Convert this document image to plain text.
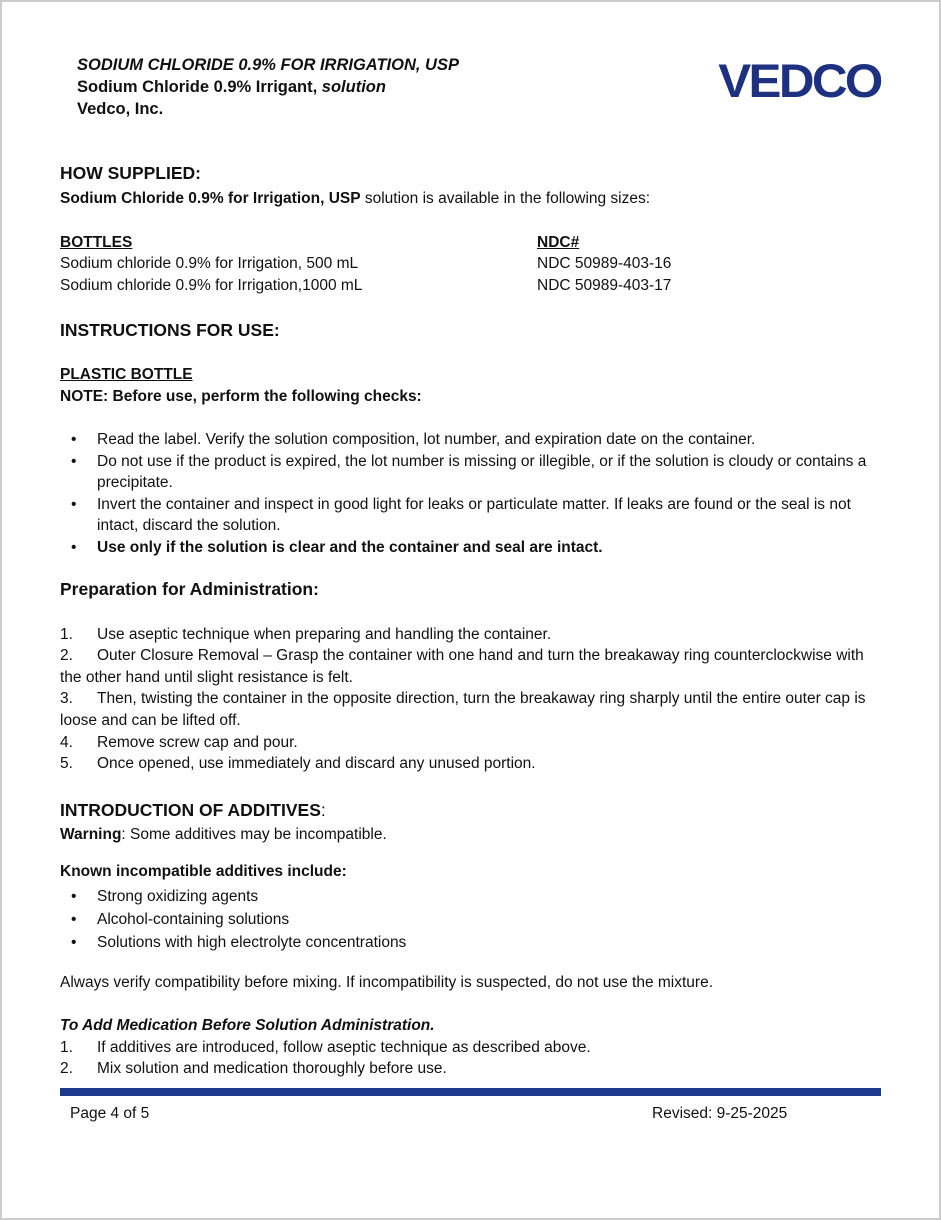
SODIUM CHLORIDE 0.9% FOR IRRIGATION, USP
Sodium Chloride 0.9% Irrigant, solution
Vedco, Inc.
VEDCO
HOW SUPPLIED:
Sodium Chloride 0.9% for Irrigation, USP solution is available in the following sizes:
BOTTLES	NDC#
Sodium chloride 0.9% for Irrigation, 500 mL	NDC 50989-403-16
Sodium chloride 0.9% for Irrigation,1000 mL	NDC 50989-403-17
INSTRUCTIONS FOR USE:
PLASTIC BOTTLE
NOTE: Before use, perform the following checks:
•	Read the label. Verify the solution composition, lot number, and expiration date on the container.
•	Do not use if the product is expired, the lot number is missing or illegible, or if the solution is cloudy or contains a precipitate.
•	Invert the container and inspect in good light for leaks or particulate matter. If leaks are found or the seal is not intact, discard the solution.
•	Use only if the solution is clear and the container and seal are intact.
Preparation for Administration:
1. Use aseptic technique when preparing and handling the container.
2. Outer Closure Removal – Grasp the container with one hand and turn the breakaway ring counterclockwise with the other hand until slight resistance is felt.
3. Then, twisting the container in the opposite direction, turn the breakaway ring sharply until the entire outer cap is loose and can be lifted off.
4. Remove screw cap and pour.
5. Once opened, use immediately and discard any unused portion.
INTRODUCTION OF ADDITIVES:
Warning: Some additives may be incompatible.
Known incompatible additives include:
•	Strong oxidizing agents
•	Alcohol-containing solutions
•	Solutions with high electrolyte concentrations
Always verify compatibility before mixing. If incompatibility is suspected, do not use the mixture.
To Add Medication Before Solution Administration.
1. If additives are introduced, follow aseptic technique as described above.
2. Mix solution and medication thoroughly before use.
Page 4 of 5	Revised: 9-25-2025
